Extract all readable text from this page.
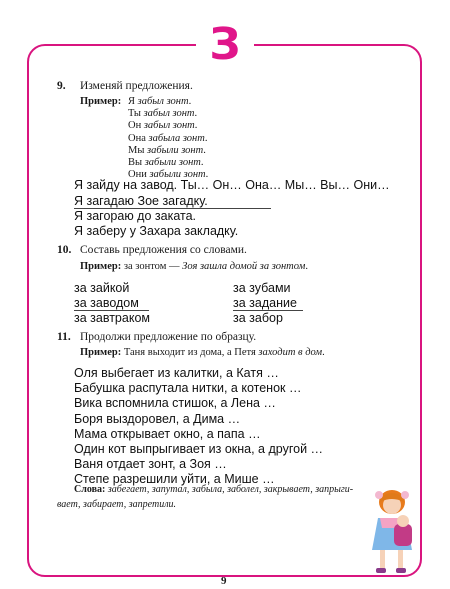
З
9. Изменяй предложения.
Пример: Я забыл зонт.
Ты забыл зонт.
Он забыл зонт.
Она забыла зонт.
Мы забыли зонт.
Вы забыли зонт.
Они забыли зонт.
Я зайду на завод. Ты… Он… Она… Мы… Вы… Они…
Я загадаю Зое загадку.
Я загораю до заката.
Я заберу у Захара закладку.
10. Составь предложения со словами.
Пример: за зонтом — Зоя зашла домой за зонтом.
за зайкой
за заводом
за завтраком
за зубами
за задание
за забор
11. Продолжи предложение по образцу.
Пример: Таня выходит из дома, а Петя заходит в дом.
Оля выбегает из калитки, а Катя …
Бабушка распутала нитки, а котенок …
Вика вспомнила стишок, а Лена …
Боря выздоровел, а Дима …
Мама открывает окно, а папа …
Один кот выпрыгивает из окна, а другой …
Ваня отдает зонт, а Зоя …
Степе разрешили уйти, а Мише …
Слова: забегает, запутал, забыла, заболел, закрывает, запрыги-
вает, забирает, запретили.
9
